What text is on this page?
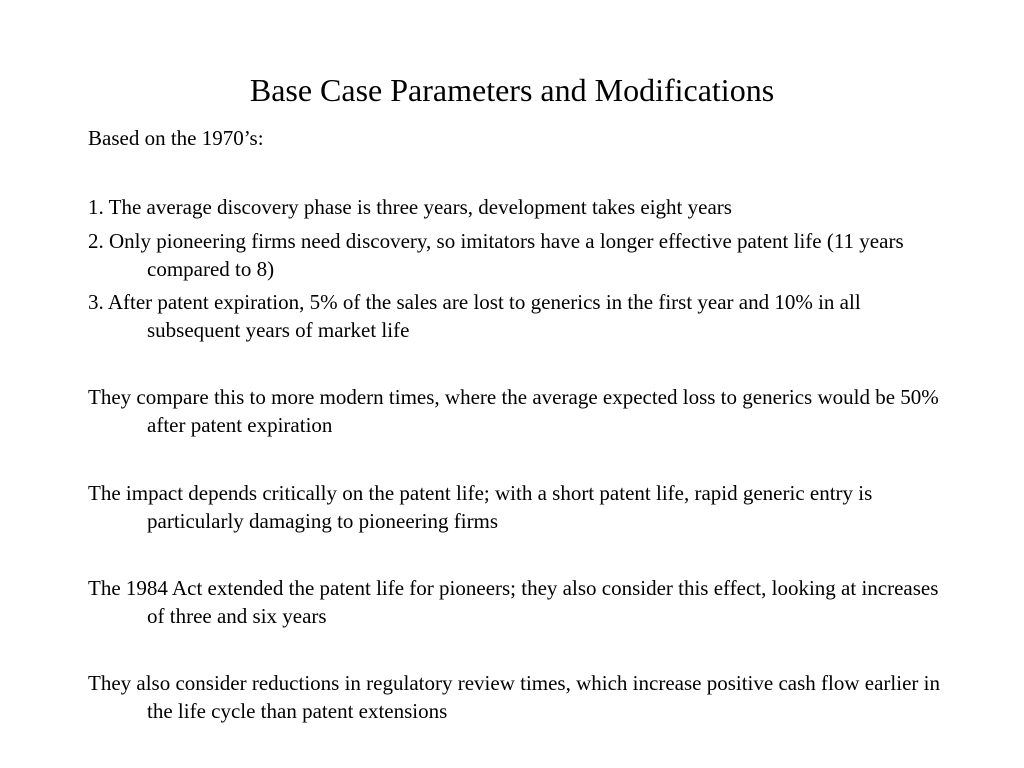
Base Case Parameters and Modifications
Based on the 1970’s:
1. The average discovery phase is three years, development takes eight years
2. Only pioneering firms need discovery, so imitators have a longer effective patent life (11 years compared to 8)
3. After patent expiration, 5% of the sales are lost to generics in the first year and 10% in all subsequent years of market life
They compare this to more modern times, where the average expected loss to generics would be 50% after patent expiration
The impact depends critically on the patent life; with a short patent life, rapid generic entry is particularly damaging to pioneering firms
The 1984 Act extended the patent life for pioneers; they also consider this effect, looking at increases of three and six years
They also consider reductions in regulatory review times, which increase positive cash flow earlier in the life cycle than patent extensions
